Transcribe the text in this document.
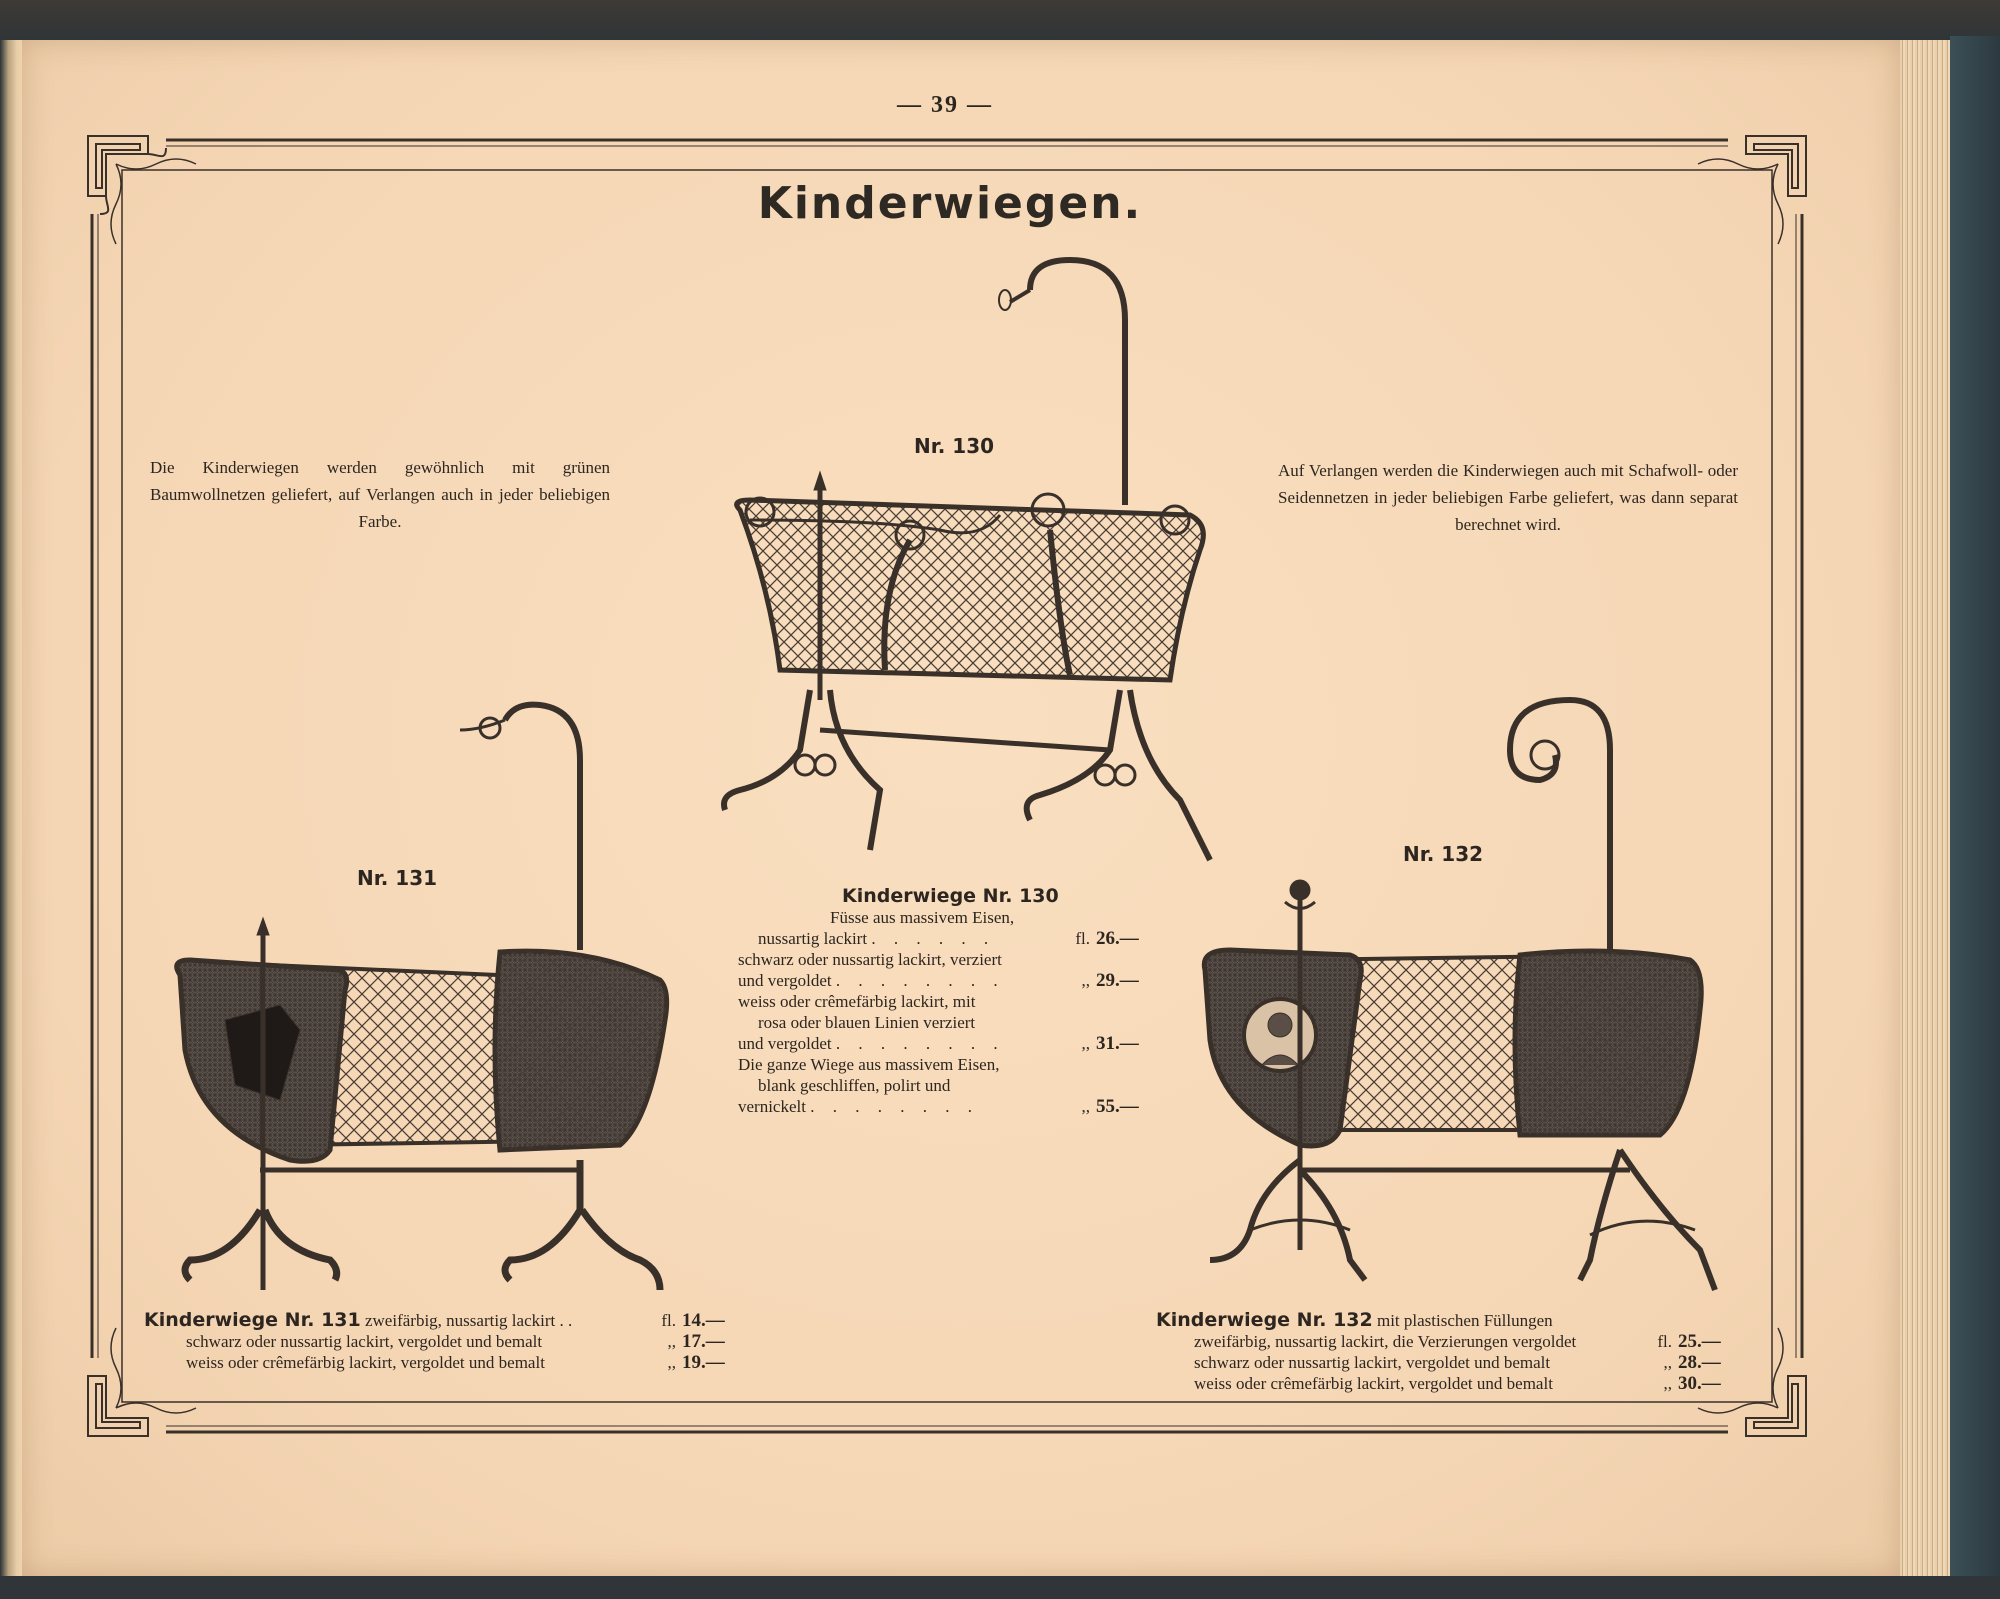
— 39 —
Kinderwiegen.
Die Kinderwiegen werden gewöhnlich mit grünen Baumwollnetzen geliefert, auf Verlangen auch in jeder beliebigen Farbe.
Auf Verlangen werden die Kinderwiegen auch mit Schafwoll- oder Seidennetzen in jeder beliebigen Farbe geliefert, was dann separat berechnet wird.
Nr. 130
Nr. 131
Nr. 132
Kinderwiege Nr. 130
Füsse aus massivem Eisen,
nussartig lackirt . . . . . .	fl. 26.—
schwarz oder nussartig lackirt, verziert
und vergoldet . . . . . . . .	,, 29.—
weiss oder crêmefärbig lackirt, mit
rosa oder blauen Linien verziert
und vergoldet . . . . . . . .	,, 31.—
Die ganze Wiege aus massivem Eisen,
blank geschliffen, polirt und
vernickelt . . . . . . . .	,, 55.—
Kinderwiege Nr. 131 zweifärbig, nussartig lackirt . .	fl. 14.—
schwarz oder nussartig lackirt, vergoldet und bemalt	,, 17.—
weiss oder crêmefärbig lackirt, vergoldet und bemalt	,, 19.—
Kinderwiege Nr. 132 mit plastischen Füllungen
zweifärbig, nussartig lackirt, die Verzierungen vergoldet	fl. 25.—
schwarz oder nussartig lackirt, vergoldet und bemalt	,, 28.—
weiss oder crêmefärbig lackirt, vergoldet und bemalt	,, 30.—
